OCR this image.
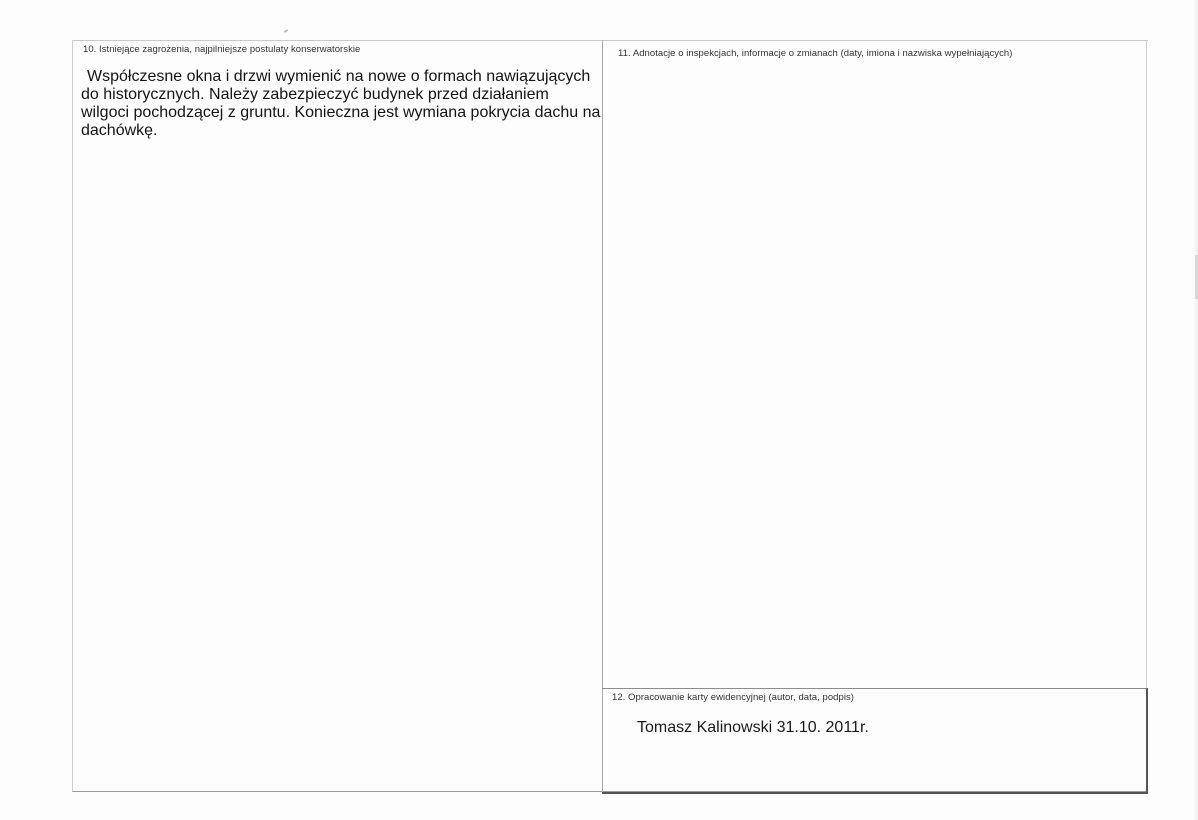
10. Istniejące zagrożenia, najpilniejsze postulaty konserwatorskie
Współczesne okna i drzwi wymienić na nowe o formach nawiązujących do historycznych. Należy zabezpieczyć budynek przed działaniem wilgoci pochodzącej z gruntu. Konieczna jest wymiana pokrycia dachu na dachówkę.
11. Adnotacje o inspekcjach, informacje o zmianach (daty, imiona i nazwiska wypełniających)
12. Opracowanie karty ewidencyjnej (autor, data, podpis)
Tomasz Kalinowski 31.10. 2011r.
